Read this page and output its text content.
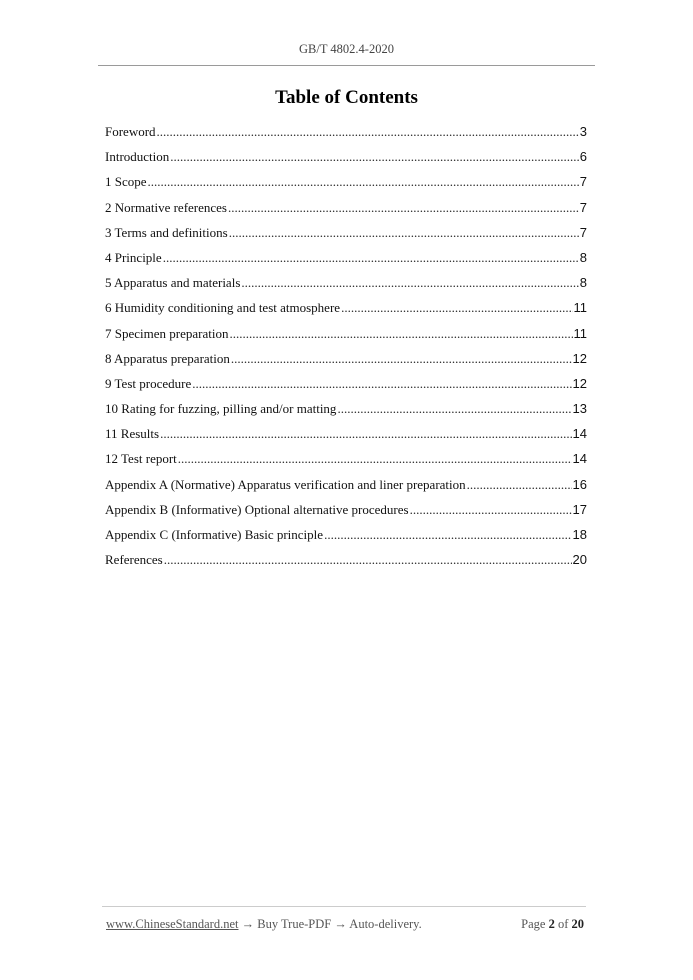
GB/T 4802.4-2020
Table of Contents
Foreword .....	3
Introduction .....	6
1 Scope .....	7
2 Normative references .....	7
3 Terms and definitions .....	7
4 Principle .....	8
5 Apparatus and materials .....	8
6 Humidity conditioning and test atmosphere .....	11
7 Specimen preparation .....	11
8 Apparatus preparation .....	12
9 Test procedure .....	12
10 Rating for fuzzing, pilling and/or matting .....	13
11 Results .....	14
12 Test report .....	14
Appendix A (Normative) Apparatus verification and liner preparation .....	16
Appendix B (Informative) Optional alternative procedures .....	17
Appendix C (Informative) Basic principle .....	18
References .....	20
www.ChineseStandard.net → Buy True-PDF → Auto-delivery.	Page 2 of 20
